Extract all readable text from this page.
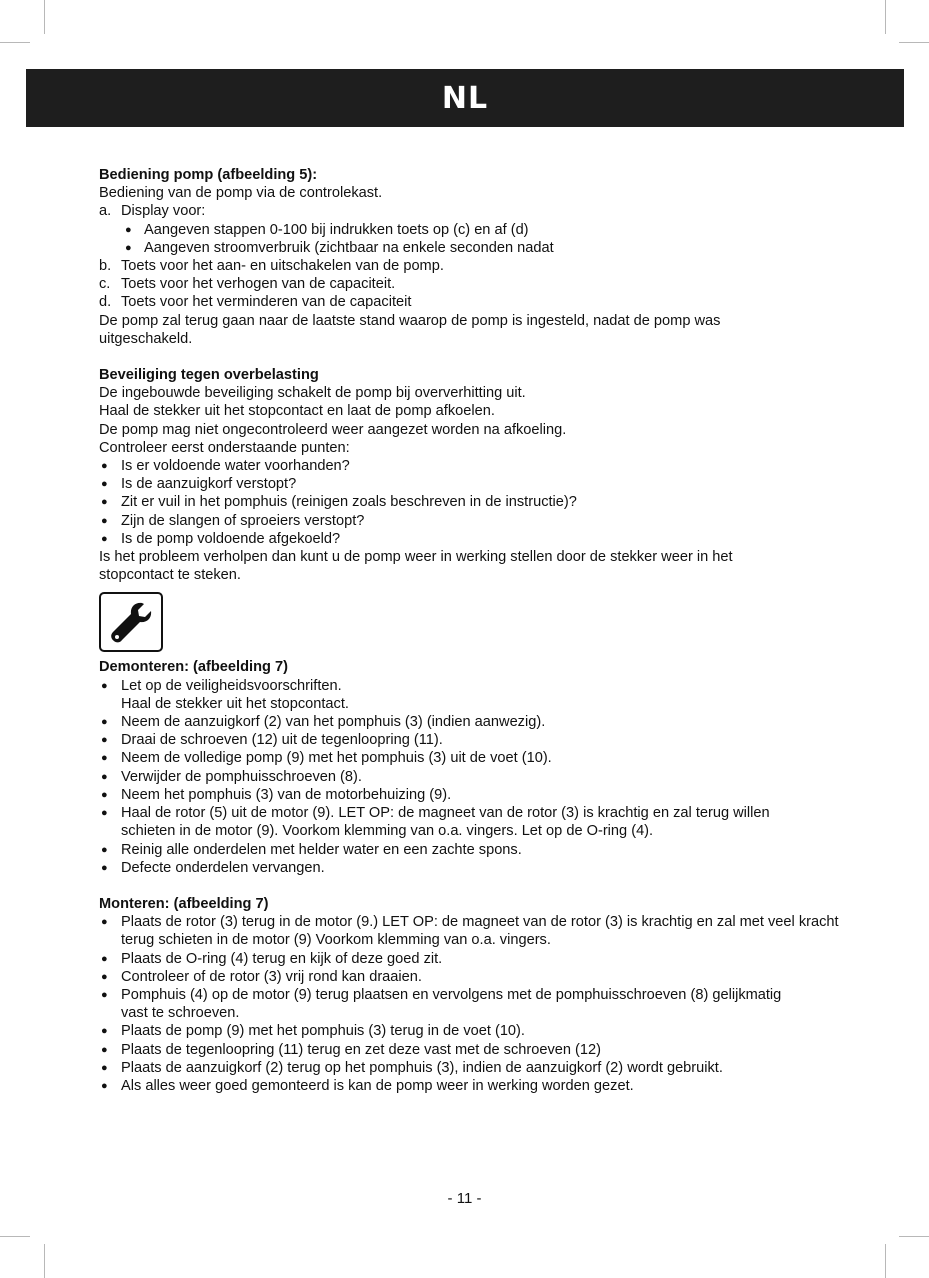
NL

Bediening pomp (afbeelding 5):

Bediening van de pomp via de controlekast.

a. Display voor:
● Aangeven stappen 0-100 bij indrukken toets op (c) en af (d)
● Aangeven stroomverbruik (zichtbaar na enkele seconden nadat
b. Toets voor het aan- en uitschakelen van de pomp.
c. Toets voor het verhogen van de capaciteit.
d. Toets voor het verminderen van de capaciteit

De pomp zal terug gaan naar de laatste stand waarop de pomp is ingesteld, nadat de pomp was uitgeschakeld.

Beveiliging tegen overbelasting

De ingebouwde beveiliging schakelt de pomp bij oververhitting uit.

Haal de stekker uit het stopcontact en laat de pomp afkoelen.

De pomp mag niet ongecontroleerd weer aangezet worden na afkoeling.

Controleer eerst onderstaande punten:

● Is er voldoende water voorhanden?
● Is de aanzuigkorf verstopt?
● Zit er vuil in het pomphuis (reinigen zoals beschreven in de instructie)?
● Zijn de slangen of sproeiers verstopt?
● Is de pomp voldoende afgekoeld?

Is het probleem verholpen dan kunt u de pomp weer in werking stellen door de stekker weer in het stopcontact te steken.

Demonteren: (afbeelding 7)

● Let op de veiligheidsvoorschriften.
Haal de stekker uit het stopcontact.
● Neem de aanzuigkorf (2) van het pomphuis (3) (indien aanwezig).
● Draai de schroeven (12) uit de tegenloopring (11).
● Neem de volledige pomp (9) met het pomphuis (3) uit de voet (10).
● Verwijder de pomphuisschroeven (8).
● Neem het pomphuis (3) van de motorbehuizing (9).
● Haal de rotor (5) uit de motor (9). LET OP: de magneet van de rotor (3) is krachtig en zal terug willen schieten in de motor (9). Voorkom klemming van o.a. vingers. Let op de O-ring (4).
● Reinig alle onderdelen met helder water en een zachte spons.
● Defecte onderdelen vervangen.

Monteren: (afbeelding 7)

● Plaats de rotor (3) terug in de motor (9.) LET OP: de magneet van de rotor (3) is krachtig en zal met veel kracht terug schieten in de motor (9) Voorkom klemming van o.a. vingers.
● Plaats de O-ring (4) terug en kijk of deze goed zit.
● Controleer of de rotor (3) vrij rond kan draaien.
● Pomphuis (4) op de motor (9) terug plaatsen en vervolgens met de pomphuisschroeven (8) gelijkmatig vast te schroeven.
● Plaats de pomp (9) met het pomphuis (3) terug in de voet (10).
● Plaats de tegenloopring (11) terug en zet deze vast met de schroeven (12)
● Plaats de aanzuigkorf (2) terug op het pomphuis (3), indien de aanzuigkorf (2) wordt gebruikt.
● Als alles weer goed gemonteerd is kan de pomp weer in werking worden gezet.
- 11 -
